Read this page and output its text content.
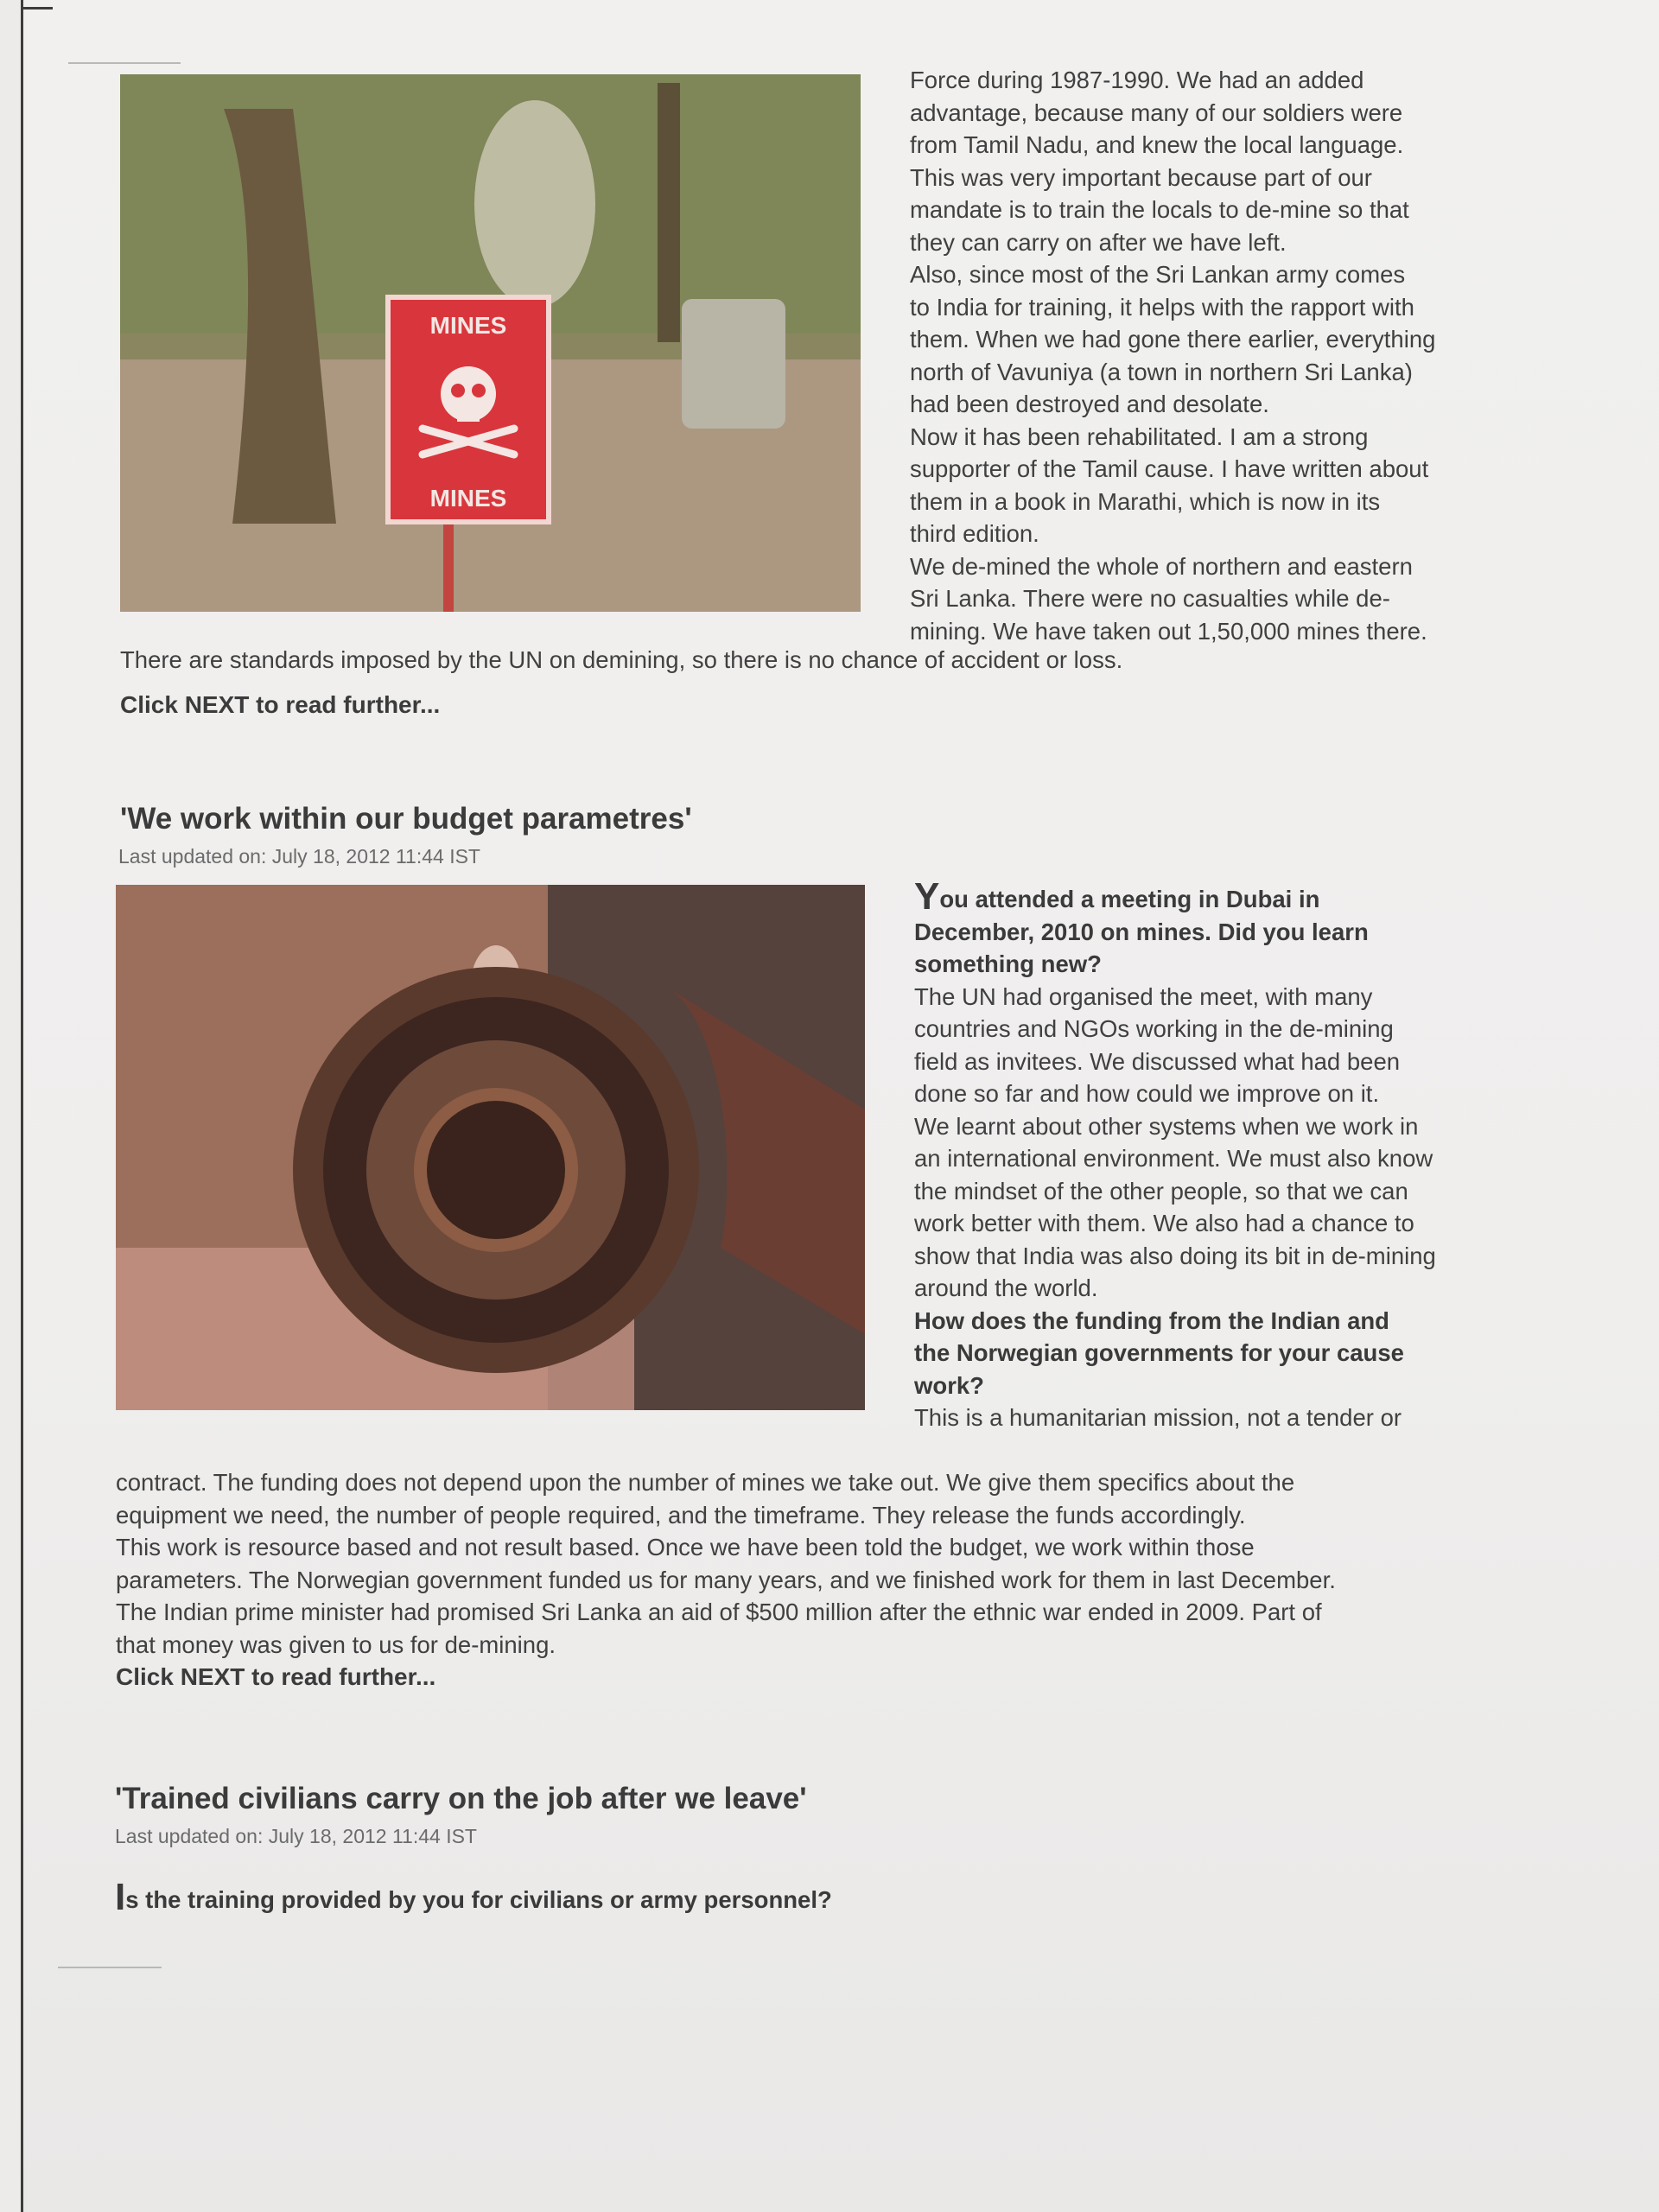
MINES
MINES

Force during 1987-1990. We had an added

advantage, because many of our soldiers were

from Tamil Nadu, and knew the local language.

This was very important because part of our

mandate is to train the locals to de-mine so that

they can carry on after we have left.

Also, since most of the Sri Lankan army comes

to India for training, it helps with the rapport with

them. When we had gone there earlier, everything

north of Vavuniya (a town in northern Sri Lanka)

had been destroyed and desolate.

Now it has been rehabilitated. I am a strong

supporter of the Tamil cause. I have written about

them in a book in Marathi, which is now in its

third edition.

We de-mined the whole of northern and eastern

Sri Lanka. There were no casualties while de-

mining. We have taken out 1,50,000 mines there.

There are standards imposed by the UN on demining, so there is no chance of accident or loss.

Click NEXT to read further...
'We work within our budget parametres'
Last updated on: July 18, 2012 11:44 IST

You attended a meeting in Dubai in

December, 2010 on mines. Did you learn

something new?

The UN had organised the meet, with many

countries and NGOs working in the de-mining

field as invitees. We discussed what had been

done so far and how could we improve on it.

We learnt about other systems when we work in

an international environment. We must also know

the mindset of the other people, so that we can

work better with them. We also had a chance to

show that India was also doing its bit in de-mining

around the world.

How does the funding from the Indian and

the Norwegian governments for your cause

work?

This is a humanitarian mission, not a tender or

contract. The funding does not depend upon the number of mines we take out. We give them specifics about the

equipment we need, the number of people required, and the timeframe. They release the funds accordingly.

This work is resource based and not result based. Once we have been told the budget, we work within those

parameters. The Norwegian government funded us for many years, and we finished work for them in last December.

The Indian prime minister had promised Sri Lanka an aid of $500 million after the ethnic war ended in 2009. Part of

that money was given to us for de-mining.

Click NEXT to read further...
'Trained civilians carry on the job after we leave'
Last updated on: July 18, 2012 11:44 IST
Is the training provided by you for civilians or army personnel?
